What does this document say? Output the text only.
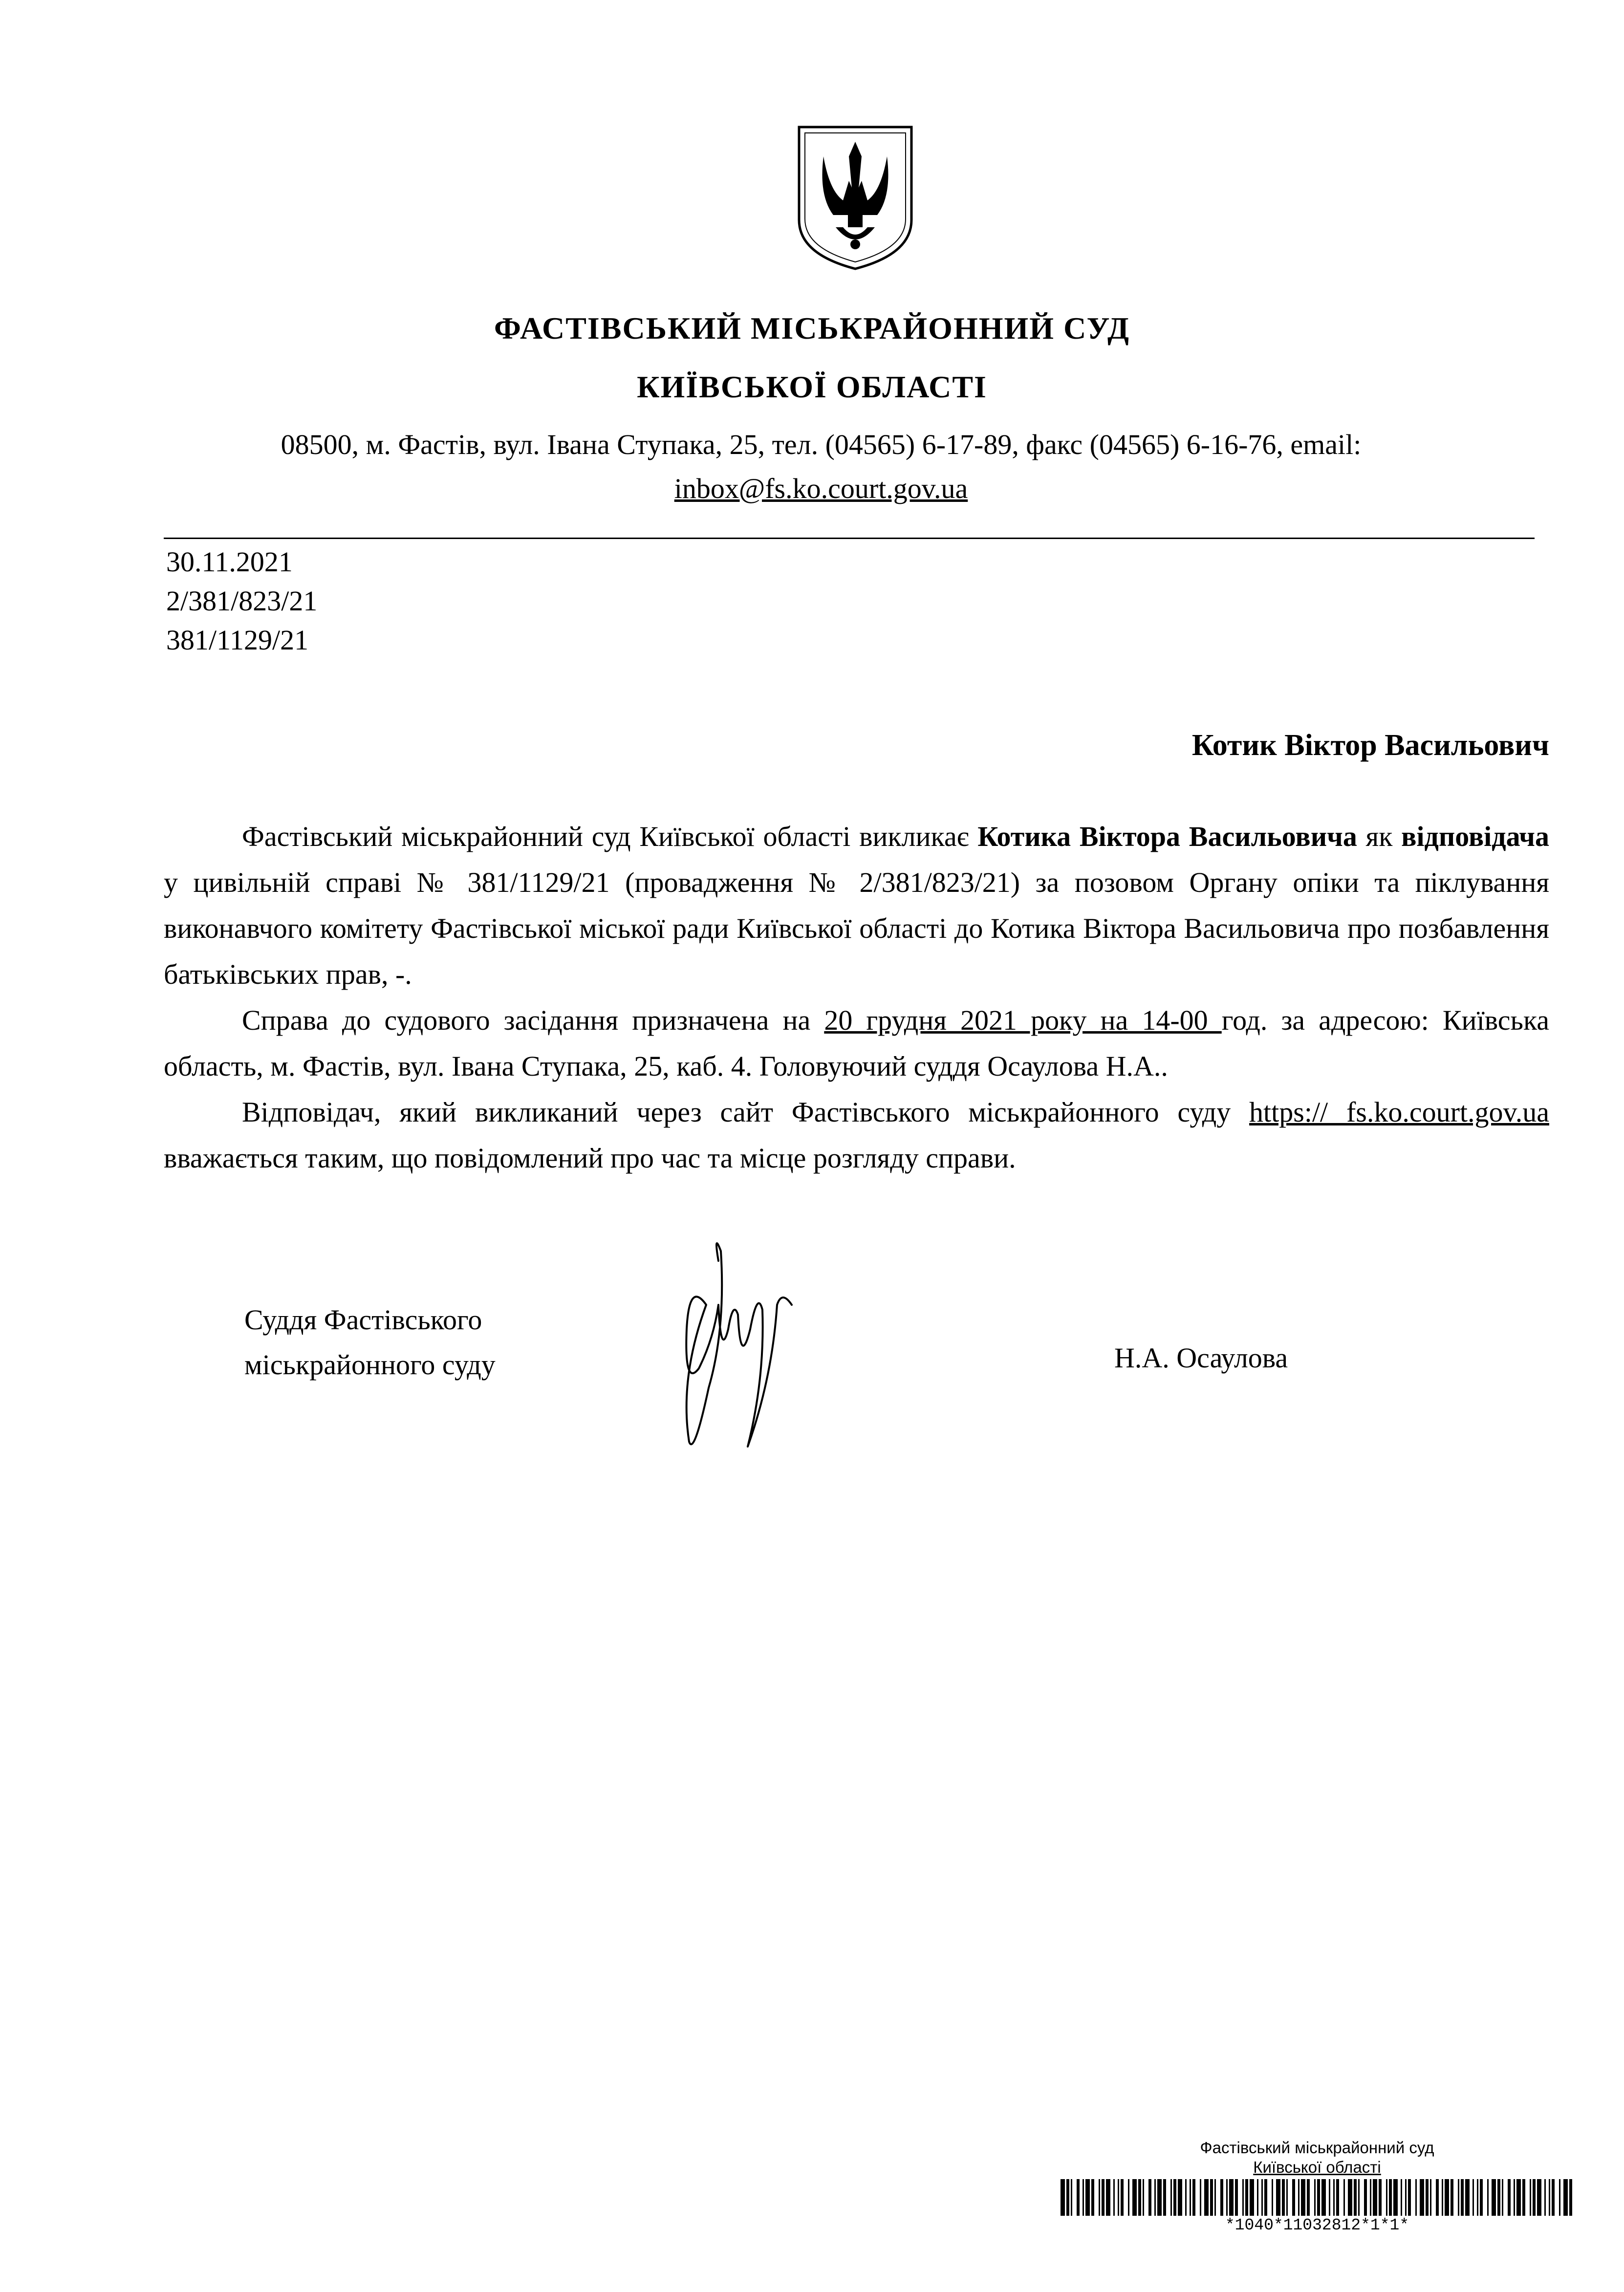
ФАСТІВСЬКИЙ МІСЬКРАЙОННИЙ СУД
КИЇВСЬКОЇ ОБЛАСТІ
08500, м. Фастів, вул. Івана Ступака, 25, тел. (04565) 6-17-89, факс (04565) 6-16-76, email:
inbox@fs.ko.court.gov.ua
30.11.2021
2/381/823/21
381/1129/21
Котик Віктор Васильович

Фастівський міськрайонний суд Київської області викликає Котика Віктора Васильовича як відповідача у цивільній справі № 381/1129/21 (провадження № 2/381/823/21) за позовом Органу опіки та піклування виконавчого комітету Фастівської міської ради Київської області до Котика Віктора Васильовича про позбавлення батьківських прав, -.

Справа до судового засідання призначена на 20 грудня 2021 року на 14-00 год. за адресою: Київська область, м. Фастів, вул. Івана Ступака, 25, каб. 4. Головуючий суддя Осаулова Н.А..

Відповідач, який викликаний через сайт Фастівського міськрайонного суду https:// fs.ko.court.gov.ua вважається таким, що повідомлений про час та місце розгляду справи.

Суддя Фастівського
міськрайонного суду	Н.А. Осаулова
Фастівський міськрайонний суд
Київської області
*1040*11032812*1*1*
